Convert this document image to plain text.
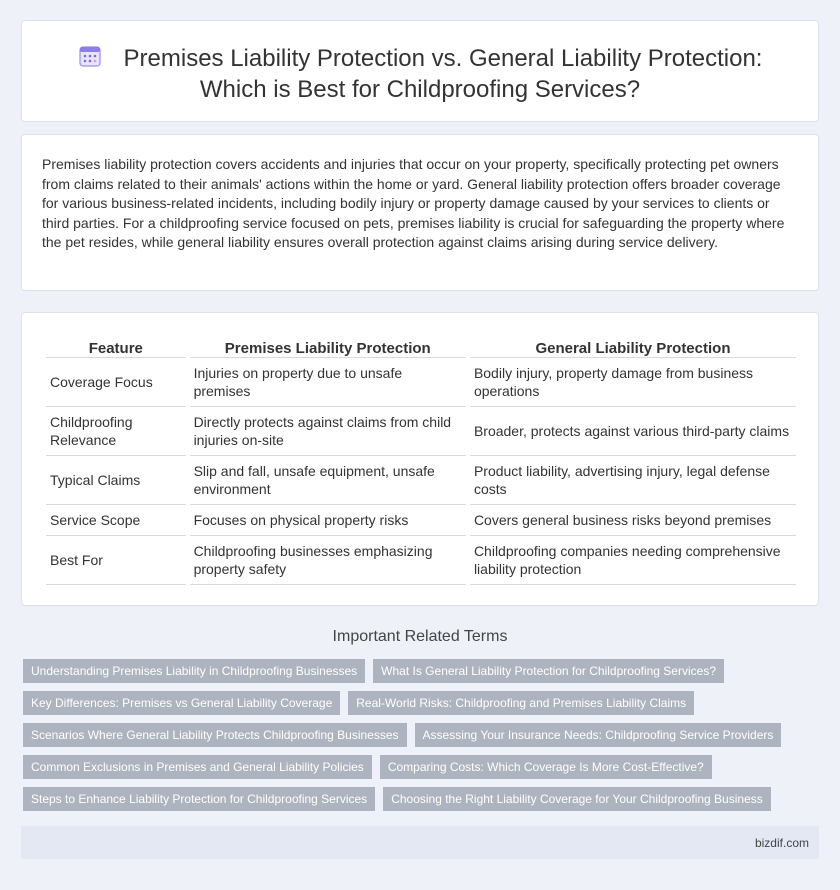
Premises Liability Protection vs. General Liability Protection:
Which is Best for Childproofing Services?

Premises liability protection covers accidents and injuries that occur on your property, specifically protecting pet owners from claims related to their animals' actions within the home or yard. General liability protection offers broader coverage for various business-related incidents, including bodily injury or property damage caused by your services to clients or third parties. For a childproofing service focused on pets, premises liability is crucial for safeguarding the property where the pet resides, while general liability ensures overall protection against claims arising during service delivery.

Feature	Premises Liability Protection	General Liability Protection
Coverage Focus	Injuries on property due to unsafe premises	Bodily injury, property damage from business operations
Childproofing Relevance	Directly protects against claims from child injuries on-site	Broader, protects against various third-party claims
Typical Claims	Slip and fall, unsafe equipment, unsafe environment	Product liability, advertising injury, legal defense costs
Service Scope	Focuses on physical property risks	Covers general business risks beyond premises
Best For	Childproofing businesses emphasizing property safety	Childproofing companies needing comprehensive liability protection
Important Related Terms
Understanding Premises Liability in Childproofing Businesses	What Is General Liability Protection for Childproofing Services?
Key Differences: Premises vs General Liability Coverage	Real-World Risks: Childproofing and Premises Liability Claims
Scenarios Where General Liability Protects Childproofing Businesses	Assessing Your Insurance Needs: Childproofing Service Providers
Common Exclusions in Premises and General Liability Policies	Comparing Costs: Which Coverage Is More Cost-Effective?
Steps to Enhance Liability Protection for Childproofing Services	Choosing the Right Liability Coverage for Your Childproofing Business
bizdif.com
